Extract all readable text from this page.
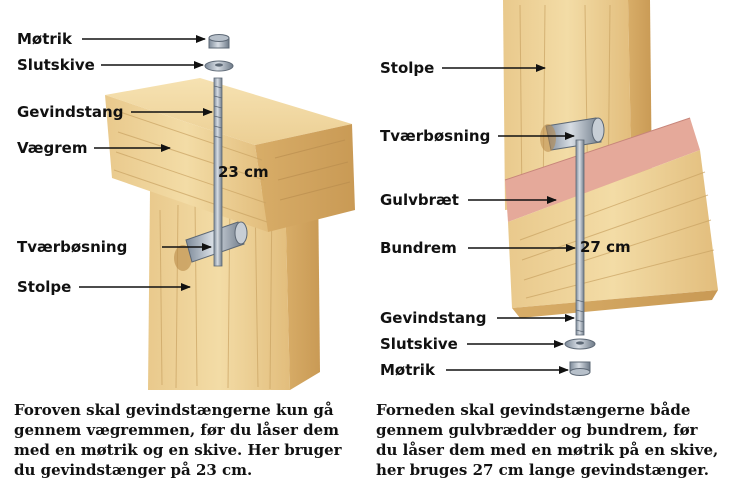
Møtrik
Slutskive
Gevindstang
Vægrem
Tværbøsning
Stolpe
23 cm
Stolpe
Tværbøsning
Gulvbræt
Bundrem
Gevindstang
Slutskive
Møtrik
27 cm
Foroven skal gevindstængerne kun gå
gennem vægremmen, før du låser dem
med en møtrik og en skive. Her bruger
du gevindstænger på 23 cm.
Forneden skal gevindstængerne både
gennem gulvbrædder og bundrem, før
du låser dem med en møtrik på en skive,
her bruges 27 cm lange gevindstænger.
